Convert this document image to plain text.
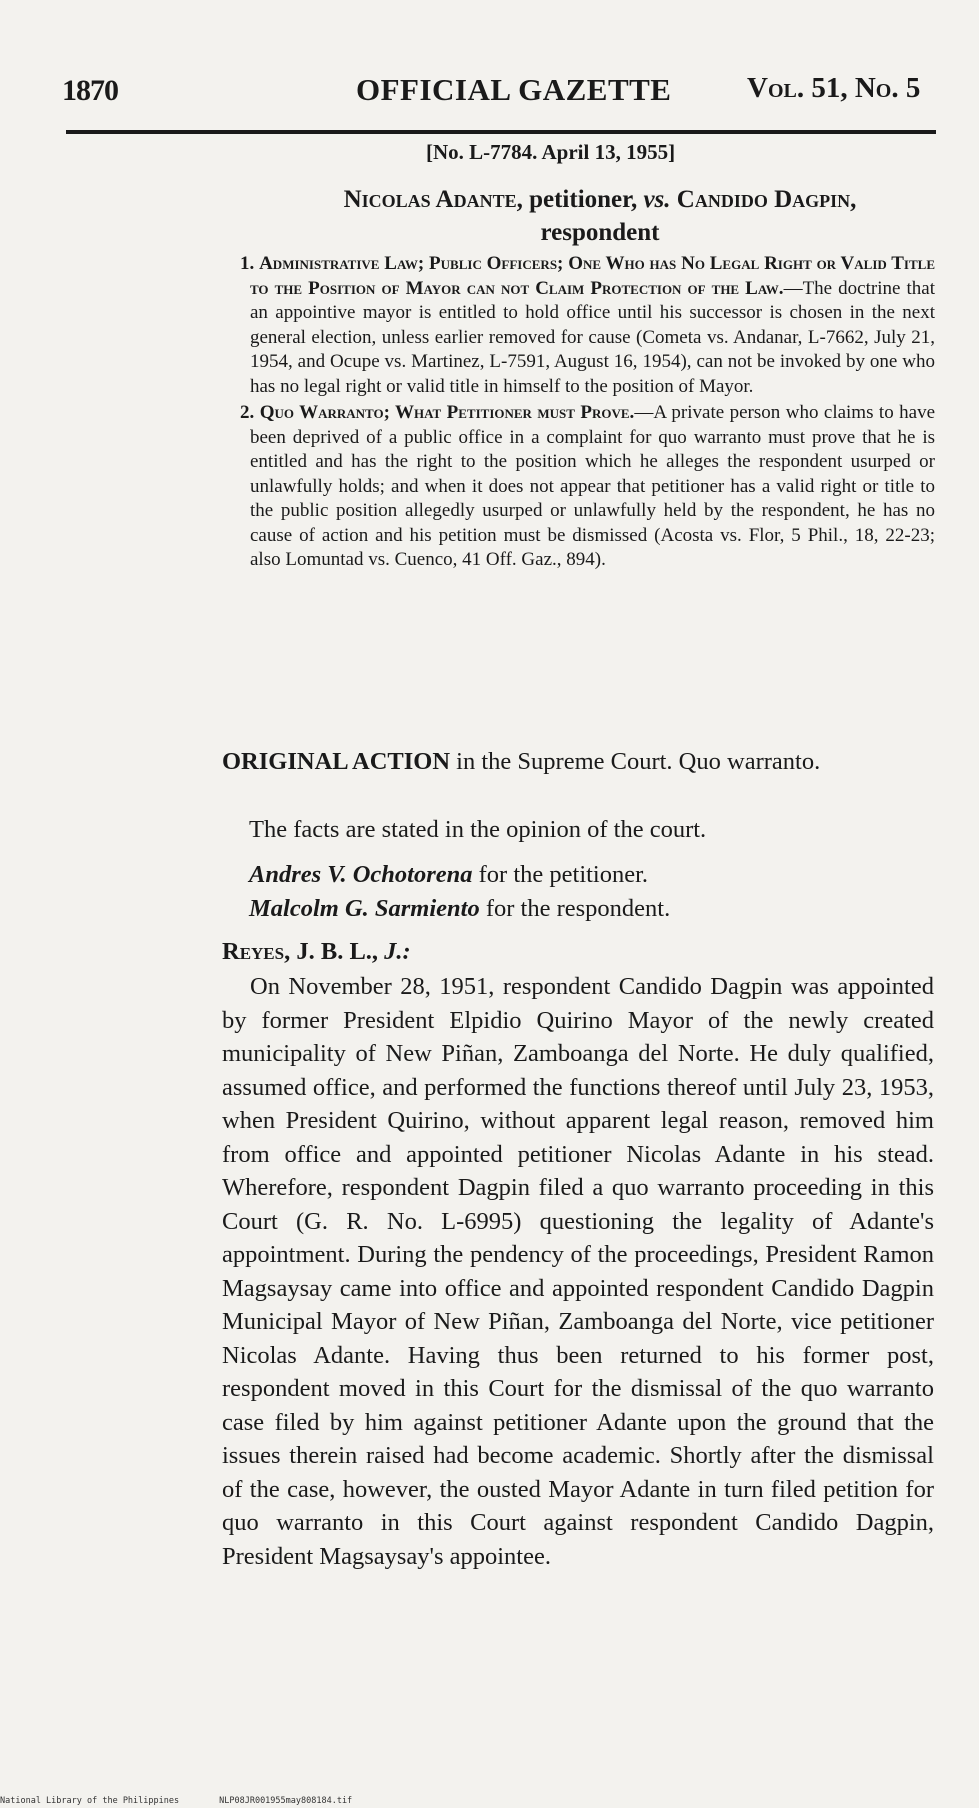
1870	OFFICIAL GAZETTE	Vol. 51, No. 5
[No. L-7784. April 13, 1955]
Nicolas Adante, petitioner, vs. Candido Dagpin,
respondent

1. Administrative Law; Public Officers; One Who has No Legal Right or Valid Title to the Position of Mayor can not Claim Protection of the Law.—The doctrine that an appointive mayor is entitled to hold office until his successor is chosen in the next general election, unless earlier removed for cause (Cometa vs. Andanar, L-7662, July 21, 1954, and Ocupe vs. Martinez, L-7591, August 16, 1954), can not be invoked by one who has no legal right or valid title in himself to the position of Mayor.

2. Quo Warranto; What Petitioner must Prove.—A private person who claims to have been deprived of a public office in a complaint for quo warranto must prove that he is entitled and has the right to the position which he alleges the respondent usurped or unlawfully holds; and when it does not appear that petitioner has a valid right or title to the public position allegedly usurped or unlawfully held by the respondent, he has no cause of action and his petition must be dismissed (Acosta vs. Flor, 5 Phil., 18, 22-23; also Lomuntad vs. Cuenco, 41 Off. Gaz., 894).

ORIGINAL ACTION in the Supreme Court. Quo warranto.
The facts are stated in the opinion of the court.
Andres V. Ochotorena for the petitioner.
Malcolm G. Sarmiento for the respondent.
Reyes, J. B. L., J.:

On November 28, 1951, respondent Candido Dagpin was appointed by former President Elpidio Quirino Mayor of the newly created municipality of New Piñan, Zamboanga del Norte. He duly qualified, assumed office, and performed the functions thereof until July 23, 1953, when President Quirino, without apparent legal reason, removed him from office and appointed petitioner Nicolas Adante in his stead. Wherefore, respondent Dagpin filed a quo warranto proceeding in this Court (G. R. No. L-6995) questioning the legality of Adante's appointment. During the pendency of the proceedings, President Ramon Magsaysay came into office and appointed respondent Candido Dagpin Municipal Mayor of New Piñan, Zamboanga del Norte, vice petitioner Nicolas Adante. Having thus been returned to his former post, respondent moved in this Court for the dismissal of the quo warranto case filed by him against petitioner Adante upon the ground that the issues therein raised had become academic. Shortly after the dismissal of the case, however, the ousted Mayor Adante in turn filed petition for quo warranto in this Court against respondent Candido Dagpin, President Magsaysay's appointee.

National Library of the Philippines	NLP08JR001955may808184.tif
